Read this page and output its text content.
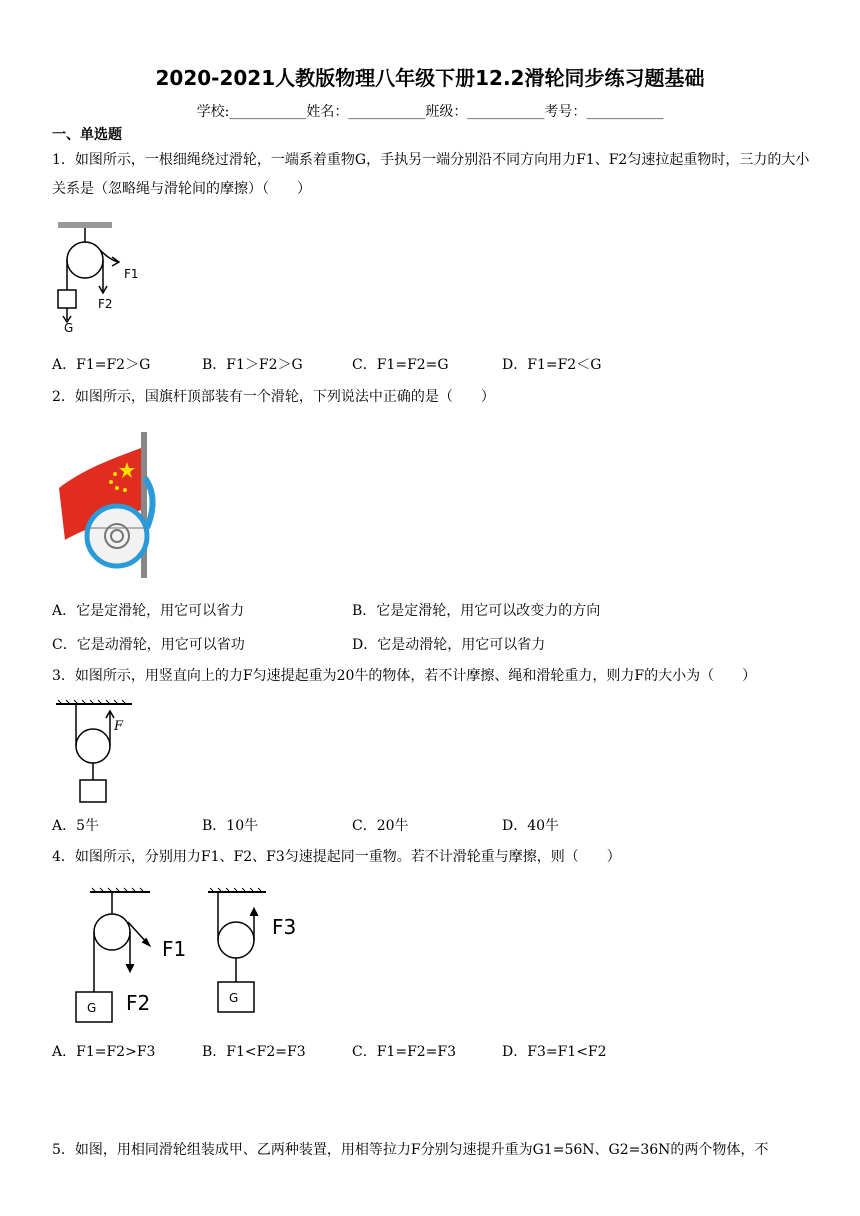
2020-2021人教版物理八年级下册12.2滑轮同步练习题基础
学校:___________姓名：___________班级：___________考号：___________
一、单选题
1．如图所示，一根细绳绕过滑轮，一端系着重物G，手执另一端分别沿不同方向用力F1、F2匀速拉起重物时，三力的大小关系是（忽略绳与滑轮间的摩擦）（　　）
F1
F2
G
A．F1=F2＞G	B．F1＞F2＞G	C．F1=F2=G	D．F1=F2＜G
2．如图所示，国旗杆顶部装有一个滑轮，下列说法中正确的是（　　）
A．它是定滑轮，用它可以省力	B．它是定滑轮，用它可以改变力的方向
C．它是动滑轮，用它可以省功	D．它是动滑轮，用它可以省力
3．如图所示，用竖直向上的力F匀速提起重为20牛的物体，若不计摩擦、绳和滑轮重力，则力F的大小为（　　）
F
A．5牛	B．10牛	C．20牛	D．40牛
4．如图所示，分别用力F1、F2、F3匀速提起同一重物。若不计滑轮重与摩擦，则（　　）
G
F1
F2	G
F3
A．F1=F2>F3	B．F1<F2=F3	C．F1=F2=F3	D．F3=F1<F2
5．如图，用相同滑轮组装成甲、乙两种装置，用相等拉力F分别匀速提升重为G1=56N、G2=36N的两个物体，不
